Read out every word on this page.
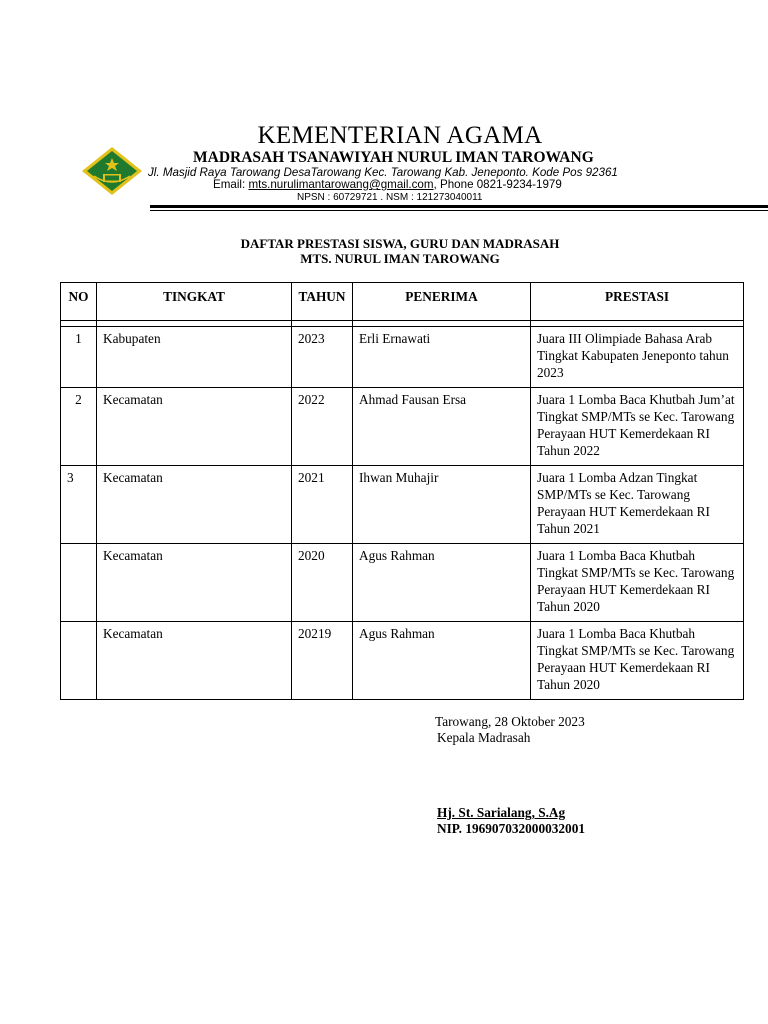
KEMENTERIAN AGAMA
MADRASAH TSANAWIYAH NURUL IMAN TAROWANG
Jl. Masjid Raya Tarowang DesaTarowang Kec. Tarowang Kab. Jeneponto. Kode Pos 92361
Email: mts.nurulimantarowang@gmail.com, Phone 0821-9234-1979
NPSN : 60729721 . NSM : 121273040011
DAFTAR PRESTASI SISWA, GURU DAN MADRASAH
MTS. NURUL IMAN TAROWANG
NO	TINGKAT	TAHUN	PENERIMA	PRESTASI

1	Kabupaten	2023	Erli Ernawati	Juara III Olimpiade Bahasa Arab Tingkat Kabupaten Jeneponto tahun 2023
2	Kecamatan	2022	Ahmad Fausan Ersa	Juara 1 Lomba Baca Khutbah Jum’at Tingkat SMP/MTs se Kec. Tarowang Perayaan HUT Kemerdekaan RI Tahun 2022
3	Kecamatan	2021	Ihwan Muhajir	Juara 1 Lomba Adzan Tingkat SMP/MTs se Kec. Tarowang Perayaan HUT Kemerdekaan RI Tahun 2021
	Kecamatan	2020	Agus Rahman	Juara 1 Lomba Baca Khutbah Tingkat SMP/MTs se Kec. Tarowang Perayaan HUT Kemerdekaan RI Tahun 2020
	Kecamatan	20219	Agus Rahman	Juara 1 Lomba Baca Khutbah Tingkat SMP/MTs se Kec. Tarowang Perayaan HUT Kemerdekaan RI Tahun 2020
Tarowang, 28 Oktober 2023
Kepala Madrasah
Hj. St. Sarialang, S.Ag
NIP. 196907032000032001
